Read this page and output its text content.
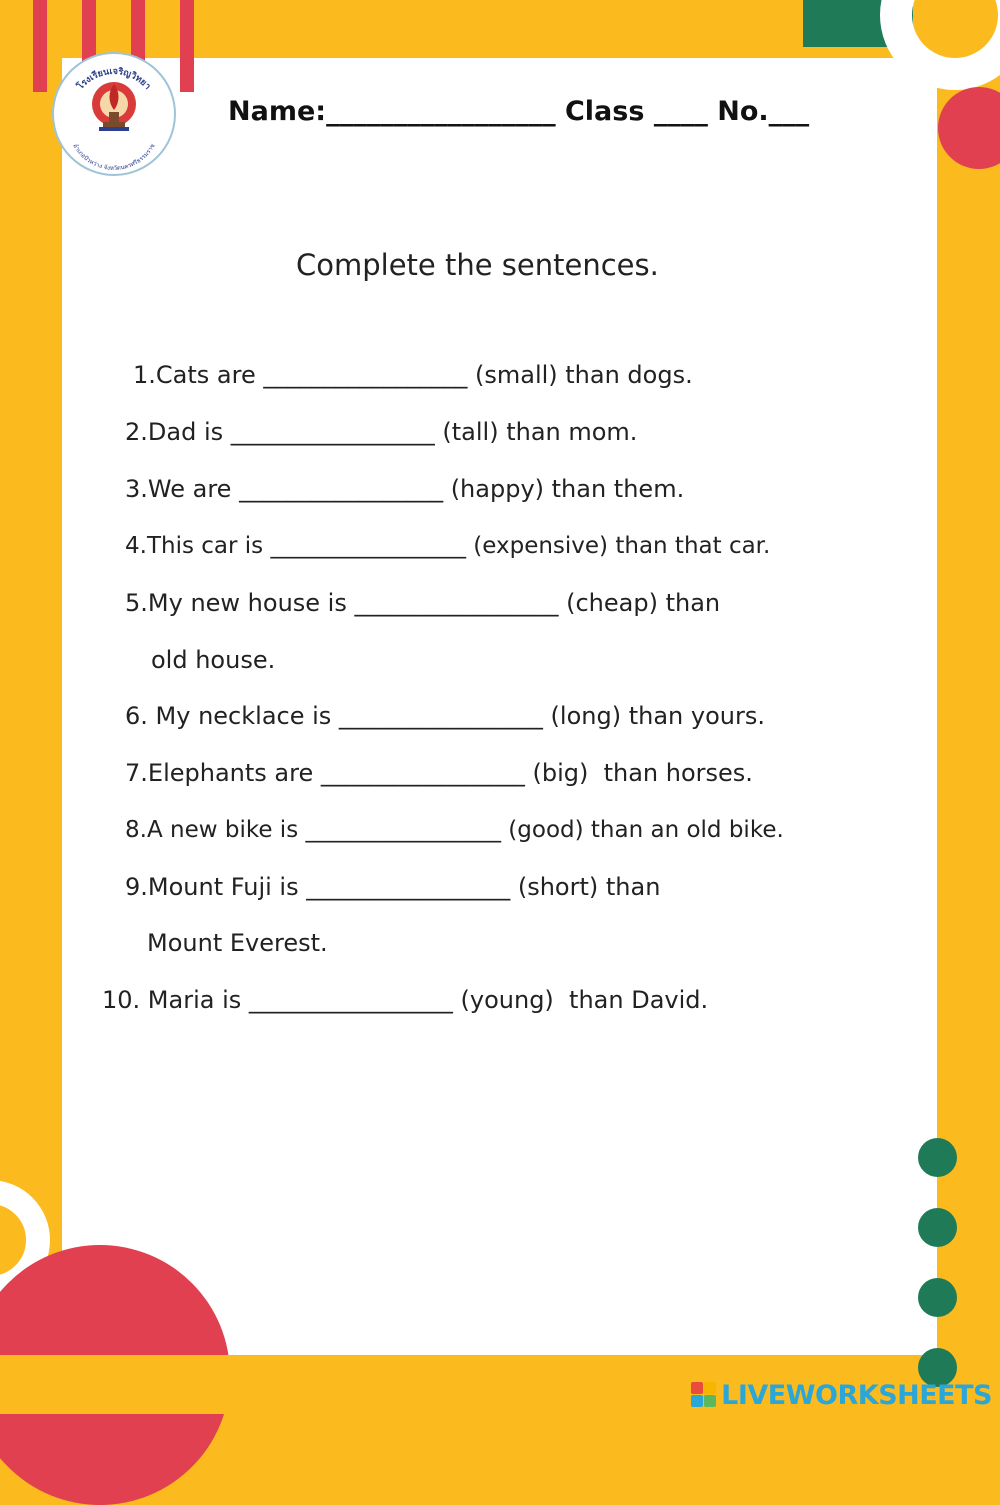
โรงเรียนเจริญวิทยา
อำเภอปัวหว่าง จังหวัดนครศรีธรรมราช
Name:_________________ Class ____ No.___
Complete the sentences.
1.Cats are _________________ (small) than dogs.
2.Dad is _________________ (tall) than mom.
3.We are _________________ (happy) than them.
4.This car is _________________ (expensive) than that car.
5.My new house is _________________ (cheap) than
old house.
6. My necklace is _________________ (long) than yours.
7.Elephants are _________________ (big)  than horses.
8.A new bike is _________________ (good) than an old bike.
9.Mount Fuji is _________________ (short) than
Mount Everest.
10. Maria is _________________ (young)  than David.
LIVEWORKSHEETS
